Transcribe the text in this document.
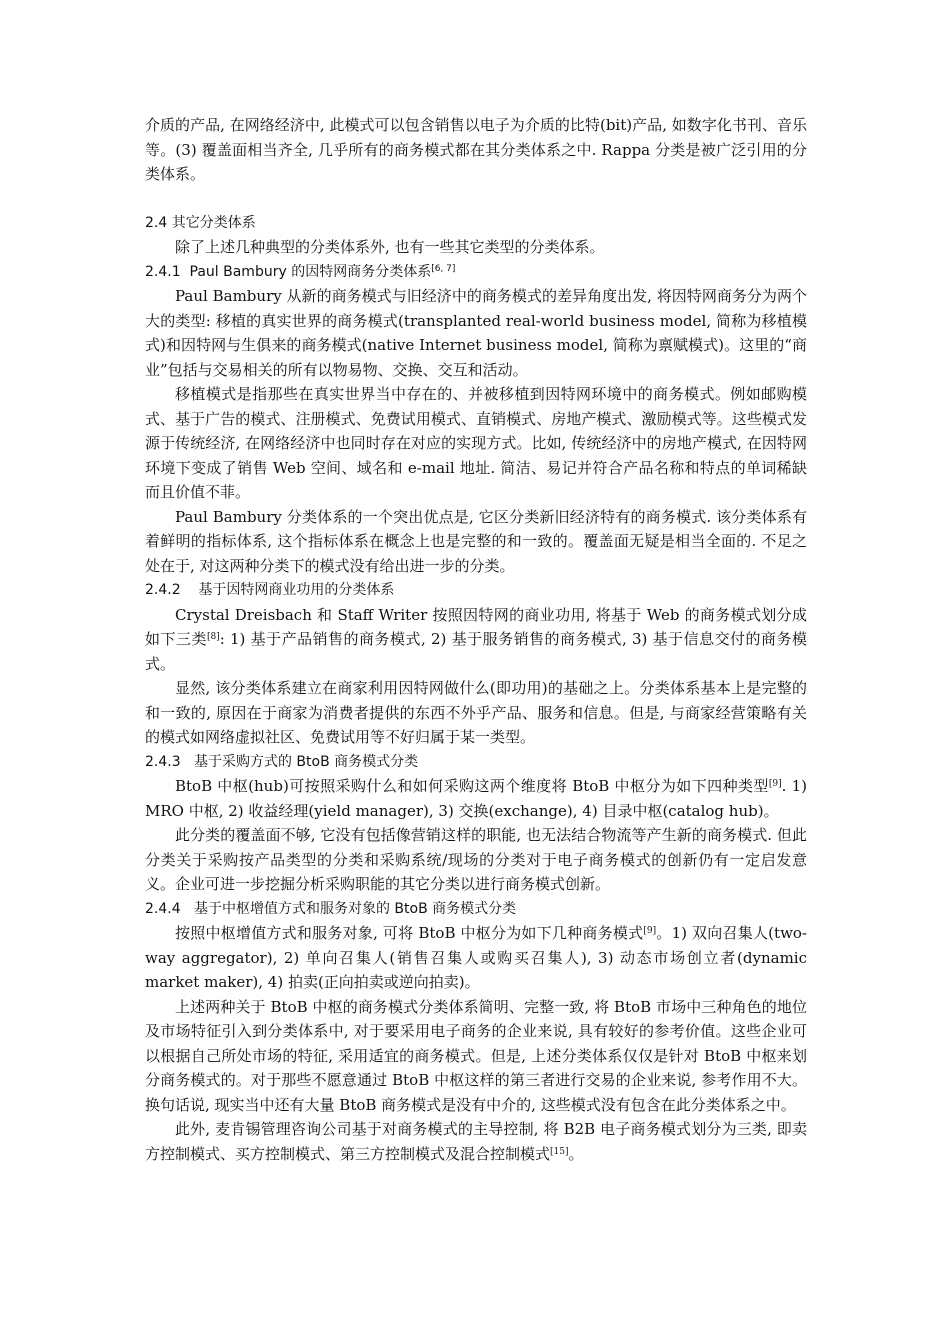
介质的产品, 在网络经济中, 此模式可以包含销售以电子为介质的比特(bit)产品, 如数字化书刊、音乐等。(3) 覆盖面相当齐全, 几乎所有的商务模式都在其分类体系之中. Rappa 分类是被广泛引用的分类体系。

2.4 其它分类体系

除了上述几种典型的分类体系外, 也有一些其它类型的分类体系。

2.4.1  Paul Bambury 的因特网商务分类体系[6, 7]

Paul Bambury 从新的商务模式与旧经济中的商务模式的差异角度出发, 将因特网商务分为两个大的类型: 移植的真实世界的商务模式(transplanted real-world business model, 简称为移植模式)和因特网与生俱来的商务模式(native Internet business model, 简称为禀赋模式)。这里的“商业”包括与交易相关的所有以物易物、交换、交互和活动。

移植模式是指那些在真实世界当中存在的、并被移植到因特网环境中的商务模式。例如邮购模式、基于广告的模式、注册模式、免费试用模式、直销模式、房地产模式、激励模式等。这些模式发源于传统经济, 在网络经济中也同时存在对应的实现方式。比如, 传统经济中的房地产模式, 在因特网环境下变成了销售 Web 空间、域名和 e-mail 地址. 简洁、易记并符合产品名称和特点的单词稀缺而且价值不菲。

Paul Bambury 分类体系的一个突出优点是, 它区分类新旧经济特有的商务模式. 该分类体系有着鲜明的指标体系, 这个指标体系在概念上也是完整的和一致的。覆盖面无疑是相当全面的. 不足之处在于, 对这两种分类下的模式没有给出进一步的分类。

2.4.2    基于因特网商业功用的分类体系

Crystal Dreisbach 和 Staff Writer 按照因特网的商业功用, 将基于 Web 的商务模式划分成如下三类[8]: 1) 基于产品销售的商务模式, 2) 基于服务销售的商务模式, 3) 基于信息交付的商务模式。

显然, 该分类体系建立在商家利用因特网做什么(即功用)的基础之上。分类体系基本上是完整的和一致的, 原因在于商家为消费者提供的东西不外乎产品、服务和信息。但是, 与商家经营策略有关的模式如网络虚拟社区、免费试用等不好归属于某一类型。

2.4.3   基于采购方式的 BtoB 商务模式分类

BtoB 中枢(hub)可按照采购什么和如何采购这两个维度将 BtoB 中枢分为如下四种类型[9]. 1) MRO 中枢, 2) 收益经理(yield manager), 3) 交换(exchange), 4) 目录中枢(catalog hub)。

此分类的覆盖面不够, 它没有包括像营销这样的职能, 也无法结合物流等产生新的商务模式. 但此分类关于采购按产品类型的分类和采购系统/现场的分类对于电子商务模式的创新仍有一定启发意义。企业可进一步挖掘分析采购职能的其它分类以进行商务模式创新。

2.4.4   基于中枢增值方式和服务对象的 BtoB 商务模式分类

按照中枢增值方式和服务对象, 可将 BtoB 中枢分为如下几种商务模式[9]。1) 双向召集人(two-way aggregator), 2) 单向召集人(销售召集人或购买召集人), 3) 动态市场创立者(dynamic market maker), 4) 拍卖(正向拍卖或逆向拍卖)。

上述两种关于 BtoB 中枢的商务模式分类体系简明、完整一致, 将 BtoB 市场中三种角色的地位及市场特征引入到分类体系中, 对于要采用电子商务的企业来说, 具有较好的参考价值。这些企业可以根据自己所处市场的特征, 采用适宜的商务模式。但是, 上述分类体系仅仅是针对 BtoB 中枢来划分商务模式的。对于那些不愿意通过 BtoB 中枢这样的第三者进行交易的企业来说, 参考作用不大。换句话说, 现实当中还有大量 BtoB 商务模式是没有中介的, 这些模式没有包含在此分类体系之中。

此外, 麦肯锡管理咨询公司基于对商务模式的主导控制, 将 B2B 电子商务模式划分为三类, 即卖方控制模式、买方控制模式、第三方控制模式及混合控制模式[15]。
